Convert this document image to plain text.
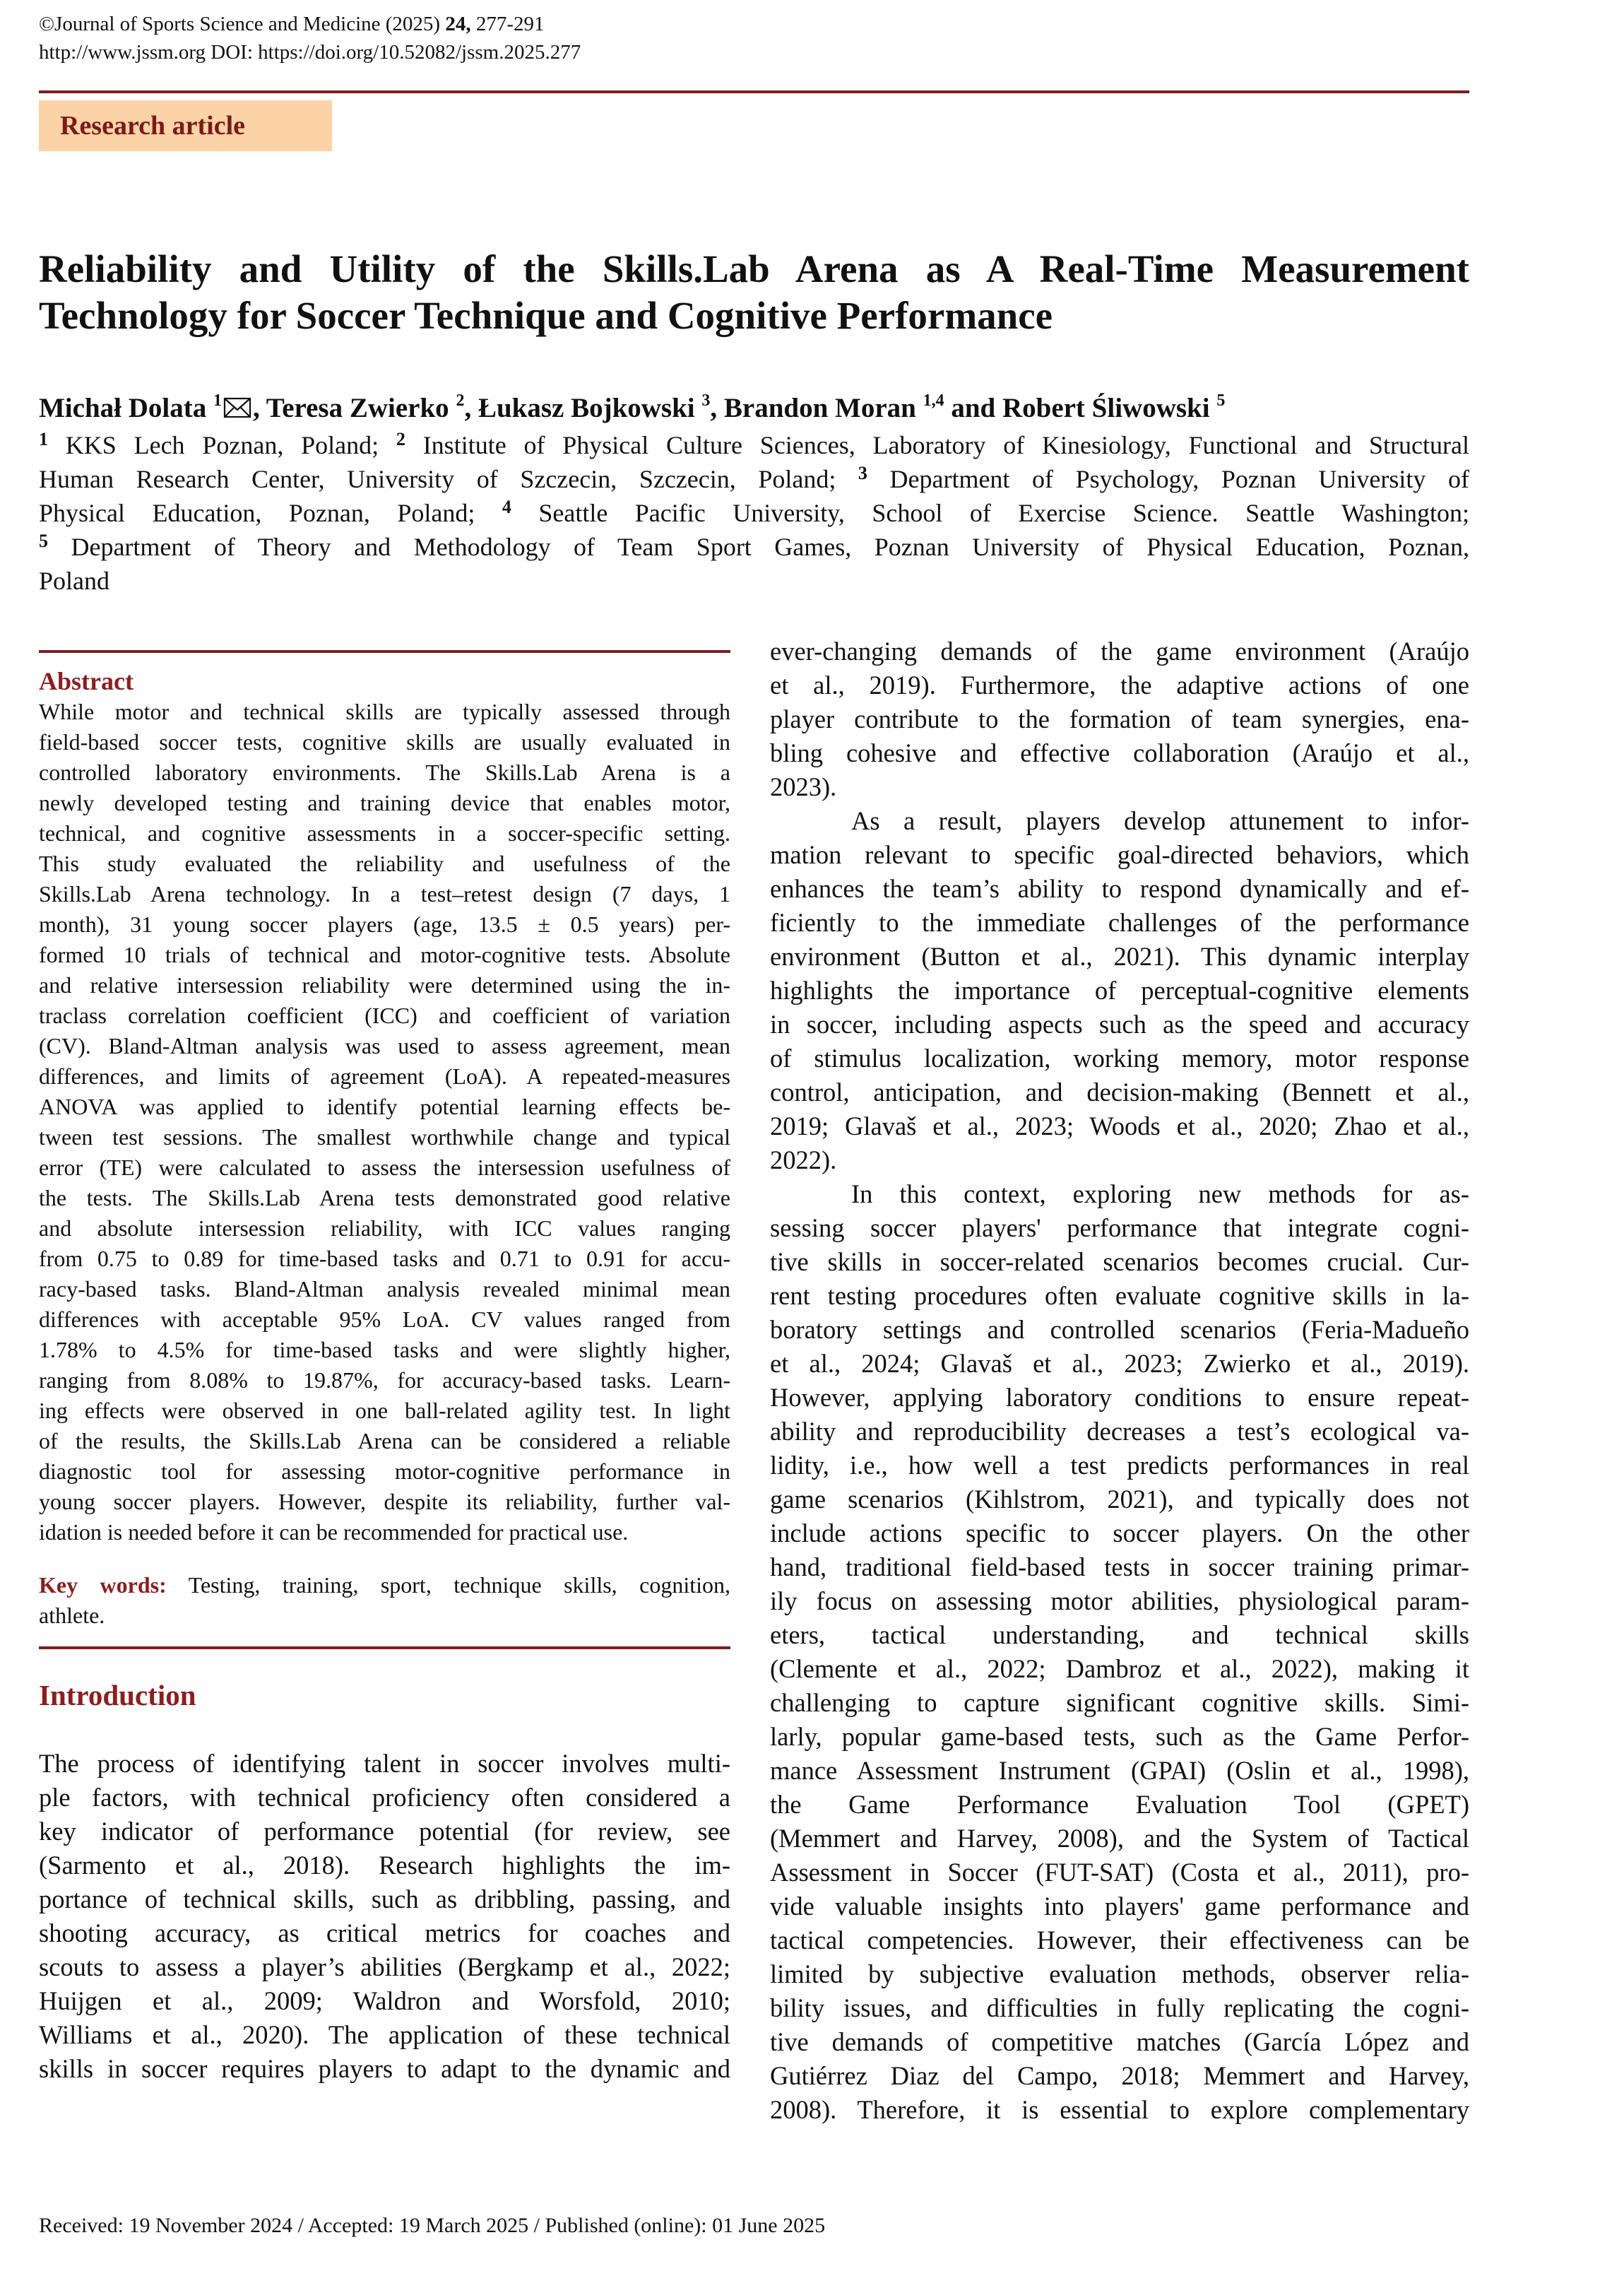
©Journal of Sports Science and Medicine (2025) 24, 277-291
http://www.jssm.org DOI: https://doi.org/10.52082/jssm.2025.277
Research article
Reliability and Utility of the Skills.Lab Arena as A Real-Time Measurement
Technology for Soccer Technique and Cognitive Performance
Michał Dolata $^1$ , Teresa Zwierko $^2$, Łukasz Bojkowski $^3$, Brandon Moran $^{1,4}$ and Robert Śliwowski $^5$

$^1$ KKS Lech Poznan, Poland; $^2$ Institute of Physical Culture Sciences, Laboratory of Kinesiology, Functional and Structural

Human Research Center, University of Szczecin, Szczecin, Poland; $^3$ Department of Psychology, Poznan University of

Physical Education, Poznan, Poland; $^4$ Seattle Pacific University, School of Exercise Science. Seattle Washington;

$^5$ Department of Theory and Methodology of Team Sport Games, Poznan University of Physical Education, Poznan,

Poland

Abstract

While motor and technical skills are typically assessed through

field-based soccer tests, cognitive skills are usually evaluated in

controlled laboratory environments. The Skills.Lab Arena is a

newly developed testing and training device that enables motor,

technical, and cognitive assessments in a soccer-specific setting.

This study evaluated the reliability and usefulness of the

Skills.Lab Arena technology. In a test–retest design (7 days, 1

month), 31 young soccer players (age, 13.5 ± 0.5 years) per-

formed 10 trials of technical and motor-cognitive tests. Absolute

and relative intersession reliability were determined using the in-

traclass correlation coefficient (ICC) and coefficient of variation

(CV). Bland-Altman analysis was used to assess agreement, mean

differences, and limits of agreement (LoA). A repeated-measures

ANOVA was applied to identify potential learning effects be-

tween test sessions. The smallest worthwhile change and typical

error (TE) were calculated to assess the intersession usefulness of

the tests. The Skills.Lab Arena tests demonstrated good relative

and absolute intersession reliability, with ICC values ranging

from 0.75 to 0.89 for time-based tasks and 0.71 to 0.91 for accu-

racy-based tasks. Bland-Altman analysis revealed minimal mean

differences with acceptable 95% LoA. CV values ranged from

1.78% to 4.5% for time-based tasks and were slightly higher,

ranging from 8.08% to 19.87%, for accuracy-based tasks. Learn-

ing effects were observed in one ball-related agility test. In light

of the results, the Skills.Lab Arena can be considered a reliable

diagnostic tool for assessing motor-cognitive performance in

young soccer players. However, despite its reliability, further val-

idation is needed before it can be recommended for practical use.

Key words: Testing, training, sport, technique skills, cognition,

athlete.

Introduction

The process of identifying talent in soccer involves multi-

ple factors, with technical proficiency often considered a

key indicator of performance potential (for review, see

(Sarmento et al., 2018). Research highlights the im-

portance of technical skills, such as dribbling, passing, and

shooting accuracy, as critical metrics for coaches and

scouts to assess a player’s abilities (Bergkamp et al., 2022;

Huijgen et al., 2009; Waldron and Worsfold, 2010;

Williams et al., 2020). The application of these technical

skills in soccer requires players to adapt to the dynamic and

ever-changing demands of the game environment (Araújo

et al., 2019). Furthermore, the adaptive actions of one

player contribute to the formation of team synergies, ena-

bling cohesive and effective collaboration (Araújo et al.,

2023).

As a result, players develop attunement to infor-

mation relevant to specific goal-directed behaviors, which

enhances the team’s ability to respond dynamically and ef-

ficiently to the immediate challenges of the performance

environment (Button et al., 2021). This dynamic interplay

highlights the importance of perceptual-cognitive elements

in soccer, including aspects such as the speed and accuracy

of stimulus localization, working memory, motor response

control, anticipation, and decision-making (Bennett et al.,

2019; Glavaš et al., 2023; Woods et al., 2020; Zhao et al.,

2022).

In this context, exploring new methods for as-

sessing soccer players' performance that integrate cogni-

tive skills in soccer-related scenarios becomes crucial. Cur-

rent testing procedures often evaluate cognitive skills in la-

boratory settings and controlled scenarios (Feria-Madueño

et al., 2024; Glavaš et al., 2023; Zwierko et al., 2019).

However, applying laboratory conditions to ensure repeat-

ability and reproducibility decreases a test’s ecological va-

lidity, i.e., how well a test predicts performances in real

game scenarios (Kihlstrom, 2021), and typically does not

include actions specific to soccer players. On the other

hand, traditional field-based tests in soccer training primar-

ily focus on assessing motor abilities, physiological param-

eters, tactical understanding, and technical skills

(Clemente et al., 2022; Dambroz et al., 2022), making it

challenging to capture significant cognitive skills. Simi-

larly, popular game-based tests, such as the Game Perfor-

mance Assessment Instrument (GPAI) (Oslin et al., 1998),

the Game Performance Evaluation Tool (GPET)

(Memmert and Harvey, 2008), and the System of Tactical

Assessment in Soccer (FUT-SAT) (Costa et al., 2011), pro-

vide valuable insights into players' game performance and

tactical competencies. However, their effectiveness can be

limited by subjective evaluation methods, observer relia-

bility issues, and difficulties in fully replicating the cogni-

tive demands of competitive matches (García López and

Gutiérrez Diaz del Campo, 2018; Memmert and Harvey,

2008). Therefore, it is essential to explore complementary

Received: 19 November 2024 / Accepted: 19 March 2025 / Published (online): 01 June 2025
